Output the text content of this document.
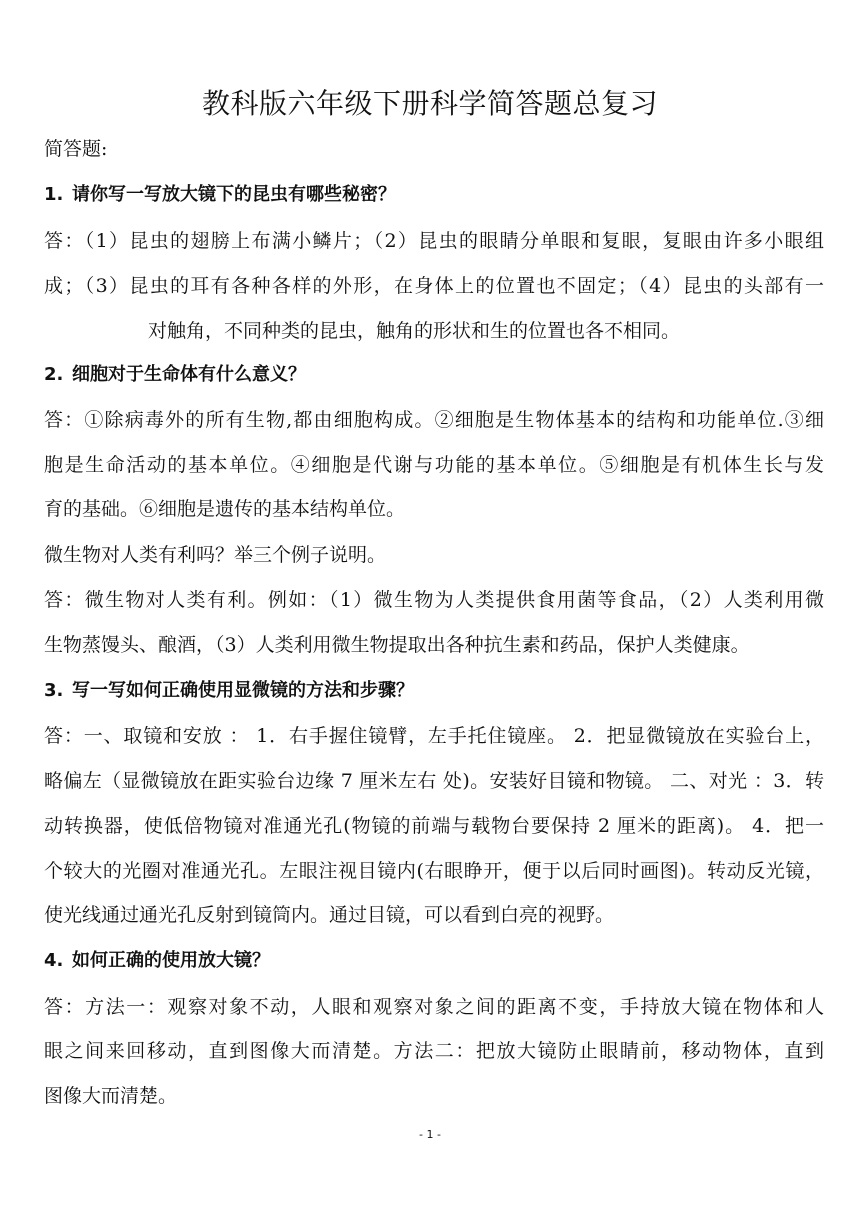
教科版六年级下册科学简答题总复习
简答题:
1. 请你写一写放大镜下的昆虫有哪些秘密？
答：（1）昆虫的翅膀上布满小鳞片；（2）昆虫的眼睛分单眼和复眼，复眼由许多小眼组
成；（3）昆虫的耳有各种各样的外形，在身体上的位置也不固定；（4）昆虫的头部有一
对触角，不同种类的昆虫，触角的形状和生的位置也各不相同。
2. 细胞对于生命体有什么意义？
答：①除病毒外的所有生物,都由细胞构成。②细胞是生物体基本的结构和功能单位.③细
胞是生命活动的基本单位。④细胞是代谢与功能的基本单位。⑤细胞是有机体生长与发
育的基础。⑥细胞是遗传的基本结构单位。
微生物对人类有利吗？举三个例子说明。
答：微生物对人类有利。例如：（1）微生物为人类提供食用菌等食品，（2）人类利用微
生物蒸馒头、酿酒，（3）人类利用微生物提取出各种抗生素和药品，保护人类健康。
3. 写一写如何正确使用显微镜的方法和步骤？
答：一、取镜和安放 ： 1．右手握住镜臂，左手托住镜座。 2．把显微镜放在实验台上，
略偏左（显微镜放在距实验台边缘 7 厘米左右 处)。安装好目镜和物镜。 二、对光 ：3．转
动转换器，使低倍物镜对准通光孔(物镜的前端与载物台要保持 2 厘米的距离)。 4．把一
个较大的光圈对准通光孔。左眼注视目镜内(右眼睁开，便于以后同时画图)。转动反光镜，
使光线通过通光孔反射到镜筒内。通过目镜，可以看到白亮的视野。
4. 如何正确的使用放大镜？
答：方法一：观察对象不动，人眼和观察对象之间的距离不变，手持放大镜在物体和人
眼之间来回移动，直到图像大而清楚。方法二：把放大镜防止眼睛前，移动物体，直到
图像大而清楚。
- 1 -
